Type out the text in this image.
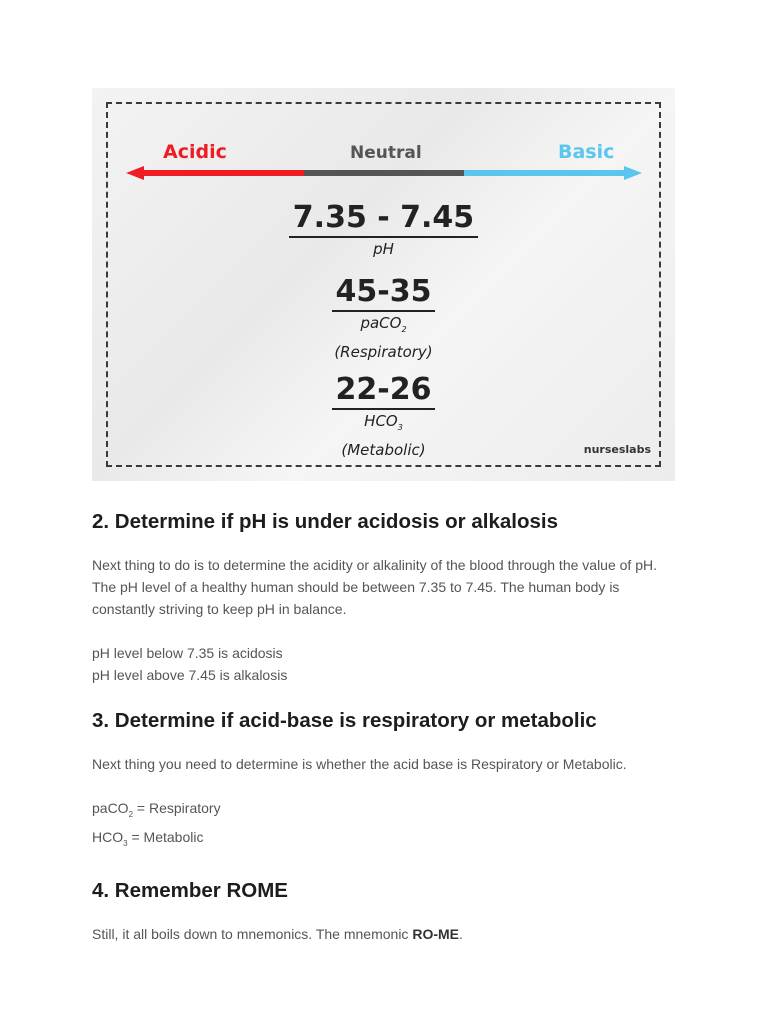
Acidic	Neutral	Basic
7.35 - 7.45
pH
45-35
paCO$_2$
(Respiratory)
22-26
$HCO_3$
(Metabolic)	nurseslabs

2. Determine if pH is under acidosis or alkalosis

Next thing to do is to determine the acidity or alkalinity of the blood through the value of pH. The pH level of a healthy human should be between 7.35 to 7.45. The human body is constantly striving to keep pH in balance.

pH level below 7.35 is acidosis
pH level above 7.45 is alkalosis
3. Determine if acid-base is respiratory or metabolic

Next thing you need to determine is whether the acid base is Respiratory or Metabolic.

paCO$_2$ = Respiratory
$HCO_3$ = Metabolic
4. Remember ROME

Still, it all boils down to mnemonics. The mnemonic RO-ME.
